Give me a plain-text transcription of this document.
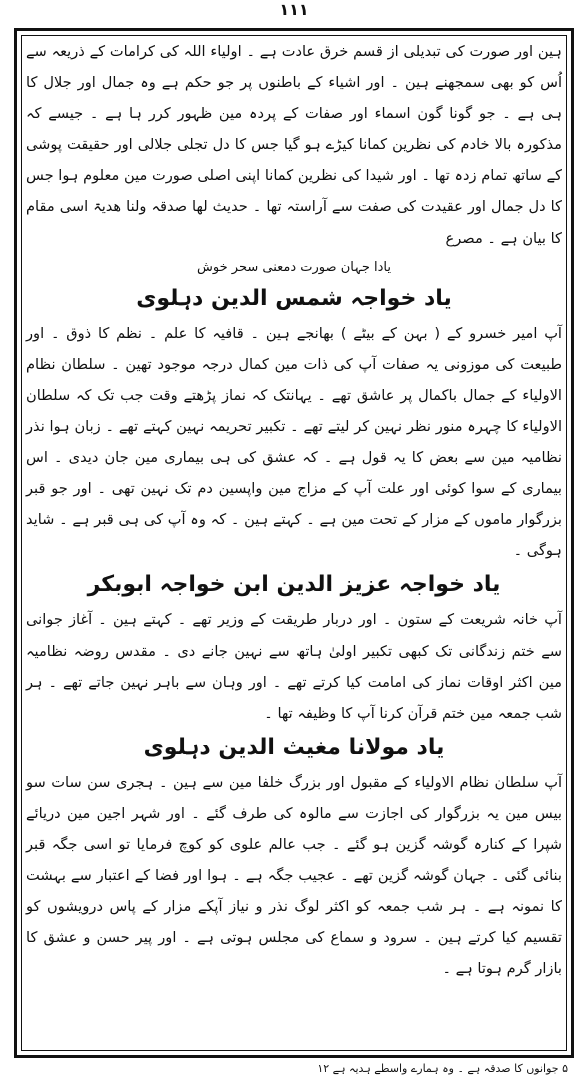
۱۱۱

ہین اور صورت کی تبدیلی از قسم خرق عادت ہے ۔ اولیاء اللہ کی کرامات کے ذریعہ سے اُس کو بھی سمجھنے ہین ۔ اور اشیاء کے باطنوں پر جو حکم ہے وہ جمال اور جلال کا ہی ہے ۔ جو گونا گون اسماء اور صفات کے پردہ مین ظہور کرر ہا ہے ۔ جیسے کہ مذکورہ بالا خادم کی نظرین کمانا کیڑے ہو گیا جس کا دل تجلی جلالی اور حقیقت پوشی کے ساتھ تمام زدہ تھا ۔ اور شیدا کی نظرین کمانا اپنی اصلی صورت مین معلوم ہوا جس کا دل جمال اور عقیدت کی صفت سے آراستہ تھا ۔ حدیث لھا صدقہ ولنا ھدیۃ اسی مقام کا بیان ہے ۔ مصرع

یادا جہان صورت دمعنی سحر خوش

یاد خواجہ شمس الدین دہلوی

آپ امیر خسرو کے ( بہن کے بیٹے ) بھانجے ہین ۔ قافیہ کا علم ۔ نظم کا ذوق ۔ اور طبیعت کی موزونی یہ صفات آپ کی ذات مین کمال درجہ موجود تھین ۔ سلطان نظام الاولیاء کے جمال باکمال پر عاشق تھے ۔ یہانتک کہ نماز پڑھتے وقت جب تک کہ سلطان الاولیاء کا چہرہ منور نظر نہین کر لیتے تھے ۔ تکبیر تحریمہ نہین کہتے تھے ۔ زبان ہوا نذر نظامیہ مین سے بعض کا یہ قول ہے ۔ کہ عشق کی ہی بیماری مین جان دیدی ۔ اس بیماری کے سوا کوئی اور علت آپ کے مزاج مین واپسین دم تک نہین تھی ۔ اور جو قبر بزرگوار ماموں کے مزار کے تحت مین ہے ۔ کہتے ہین ۔ کہ وہ آپ کی ہی قبر ہے ۔ شاید ہوگی ۔

یاد خواجہ عزیز الدین ابن خواجہ ابوبکر

آپ خانہ شریعت کے ستون ۔ اور دربار طریقت کے وزیر تھے ۔ کہتے ہین ۔ آغاز جوانی سے ختم زندگانی تک کبھی تکبیر اولیٰ ہاتھ سے نہین جانے دی ۔ مقدس روضہ نظامیہ مین اکثر اوقات نماز کی امامت کیا کرتے تھے ۔ اور وہان سے باہر نہین جاتے تھے ۔ ہر شب جمعہ مین ختم قرآن کرنا آپ کا وظیفہ تھا ۔

یاد مولانا مغیث الدین دہلوی

آپ سلطان نظام الاولیاء کے مقبول اور بزرگ خلفا مین سے ہین ۔ ہجری سن سات سو بیس مین یہ بزرگوار کی اجازت سے مالوہ کی طرف گئے ۔ اور شہر اجین مین دریائے شپرا کے کنارہ گوشہ گزین ہو گئے ۔ جب عالم علوی کو کوچ فرمایا تو اسی جگہ قبر بنائی گئی ۔ جہان گوشہ گزین تھے ۔ عجیب جگہ ہے ۔ ہوا اور فضا کے اعتبار سے بہشت کا نمونہ ہے ۔ ہر شب جمعہ کو اکثر لوگ نذر و نیاز آپکے مزار کے پاس درویشوں کو تقسیم کیا کرتے ہین ۔ سرود و سماع کی مجلس ہوتی ہے ۔ اور پیر حسن و عشق کا بازار گرم ہوتا ہے ۔

۵ جوانوں کا صدقہ ہے ۔ وہ ہمارے واسطے ہدیہ ہے ۱۲
